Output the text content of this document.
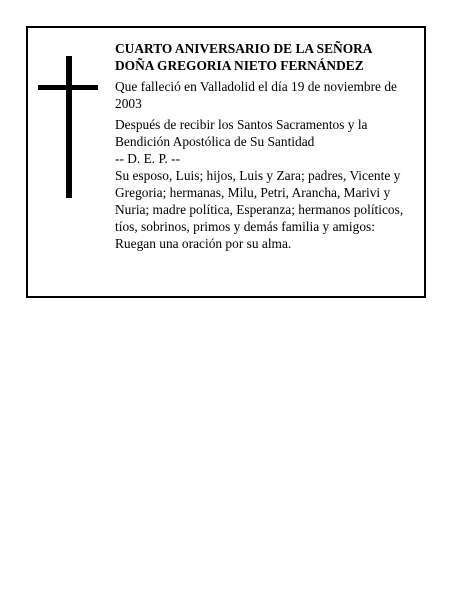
CUARTO ANIVERSARIO DE LA SEÑORA

DOÑA GREGORIA NIETO FERNÁNDEZ

Que falleció en Valladolid el día 19 de noviembre de 2003

Después de recibir los Santos Sacramentos y la Bendición Apostólica de Su Santidad

-- D. E. P. --

Su esposo, Luis; hijos, Luis y Zara; padres, Vicente y Gregoria; hermanas, Milu, Petri, Arancha, Marivi y Nuria; madre política, Esperanza; hermanos políticos, tíos, sobrinos, primos y demás familia y amigos:

Ruegan una oración por su alma.
